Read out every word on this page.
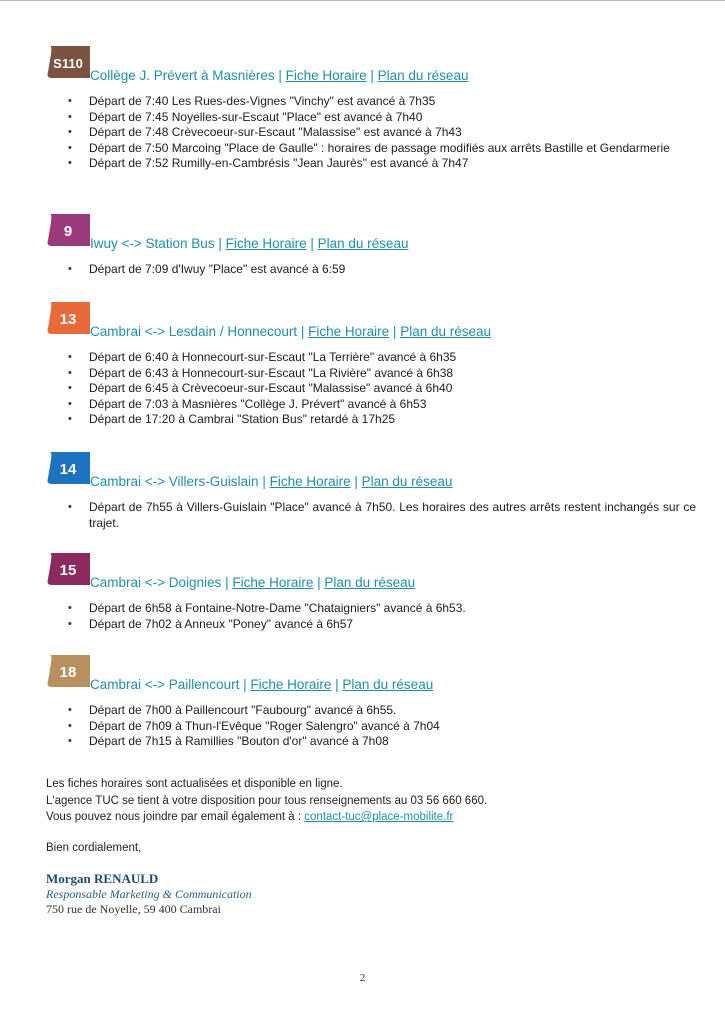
S110
Collège J. Prévert à Masnières | Fiche Horaire | Plan du réseau
• Départ de 7:40 Les Rues-des-Vignes "Vinchy" est avancé à 7h35
• Départ de 7:45 Noyelles-sur-Escaut "Place" est avancé à 7h40
• Départ de 7:48 Crèvecoeur-sur-Escaut "Malassise" est avancé à 7h43
• Départ de 7:50 Marcoing "Place de Gaulle" : horaires de passage modifiés aux arrêts Bastille et Gendarmerie
• Départ de 7:52 Rumilly-en-Cambrésis "Jean Jaurès" est avancé à 7h47
9
Iwuy <-> Station Bus | Fiche Horaire | Plan du réseau
• Départ de 7:09 d'Iwuy "Place" est avancé à 6:59
13
Cambrai <-> Lesdain / Honnecourt | Fiche Horaire | Plan du réseau
• Départ de 6:40 à Honnecourt-sur-Escaut "La Terrière" avancé à 6h35
• Départ de 6:43 à Honnecourt-sur-Escaut "La Rivière" avancé à 6h38
• Départ de 6:45 à Crèvecoeur-sur-Escaut "Malassise" avancé à 6h40
• Départ de 7:03 à Masnières "Collège J. Prévert" avancé à 6h53
• Départ de 17:20 à Cambrai "Station Bus" retardé à 17h25
14
Cambrai <-> Villers-Guislain | Fiche Horaire | Plan du réseau
• Départ de 7h55 à Villers-Guislain "Place" avancé à 7h50. Les horaires des autres arrêts restent inchangés sur ce trajet.
15
Cambrai <-> Doignies | Fiche Horaire | Plan du réseau
• Départ de 6h58 à Fontaine-Notre-Dame "Chataigniers" avancé à 6h53.
• Départ de 7h02 à Anneux "Poney" avancé à 6h57
18
Cambrai <-> Paillencourt | Fiche Horaire | Plan du réseau
• Départ de 7h00 à Paillencourt "Faubourg" avancé à 6h55.
• Départ de 7h09 à Thun-l'Evêque "Roger Salengro" avancé à 7h04
• Départ de 7h15 à Ramillies "Bouton d'or" avancé à 7h08
Les fiches horaires sont actualisées et disponible en ligne.
L'agence TUC se tient à votre disposition pour tous renseignements au 03 56 660 660.
Vous pouvez nous joindre par email également à : contact-tuc@place-mobilite.fr
Bien cordialement,
Morgan RENAULD
Responsable Marketing & Communication
750 rue de Noyelle, 59 400 Cambrai
2
